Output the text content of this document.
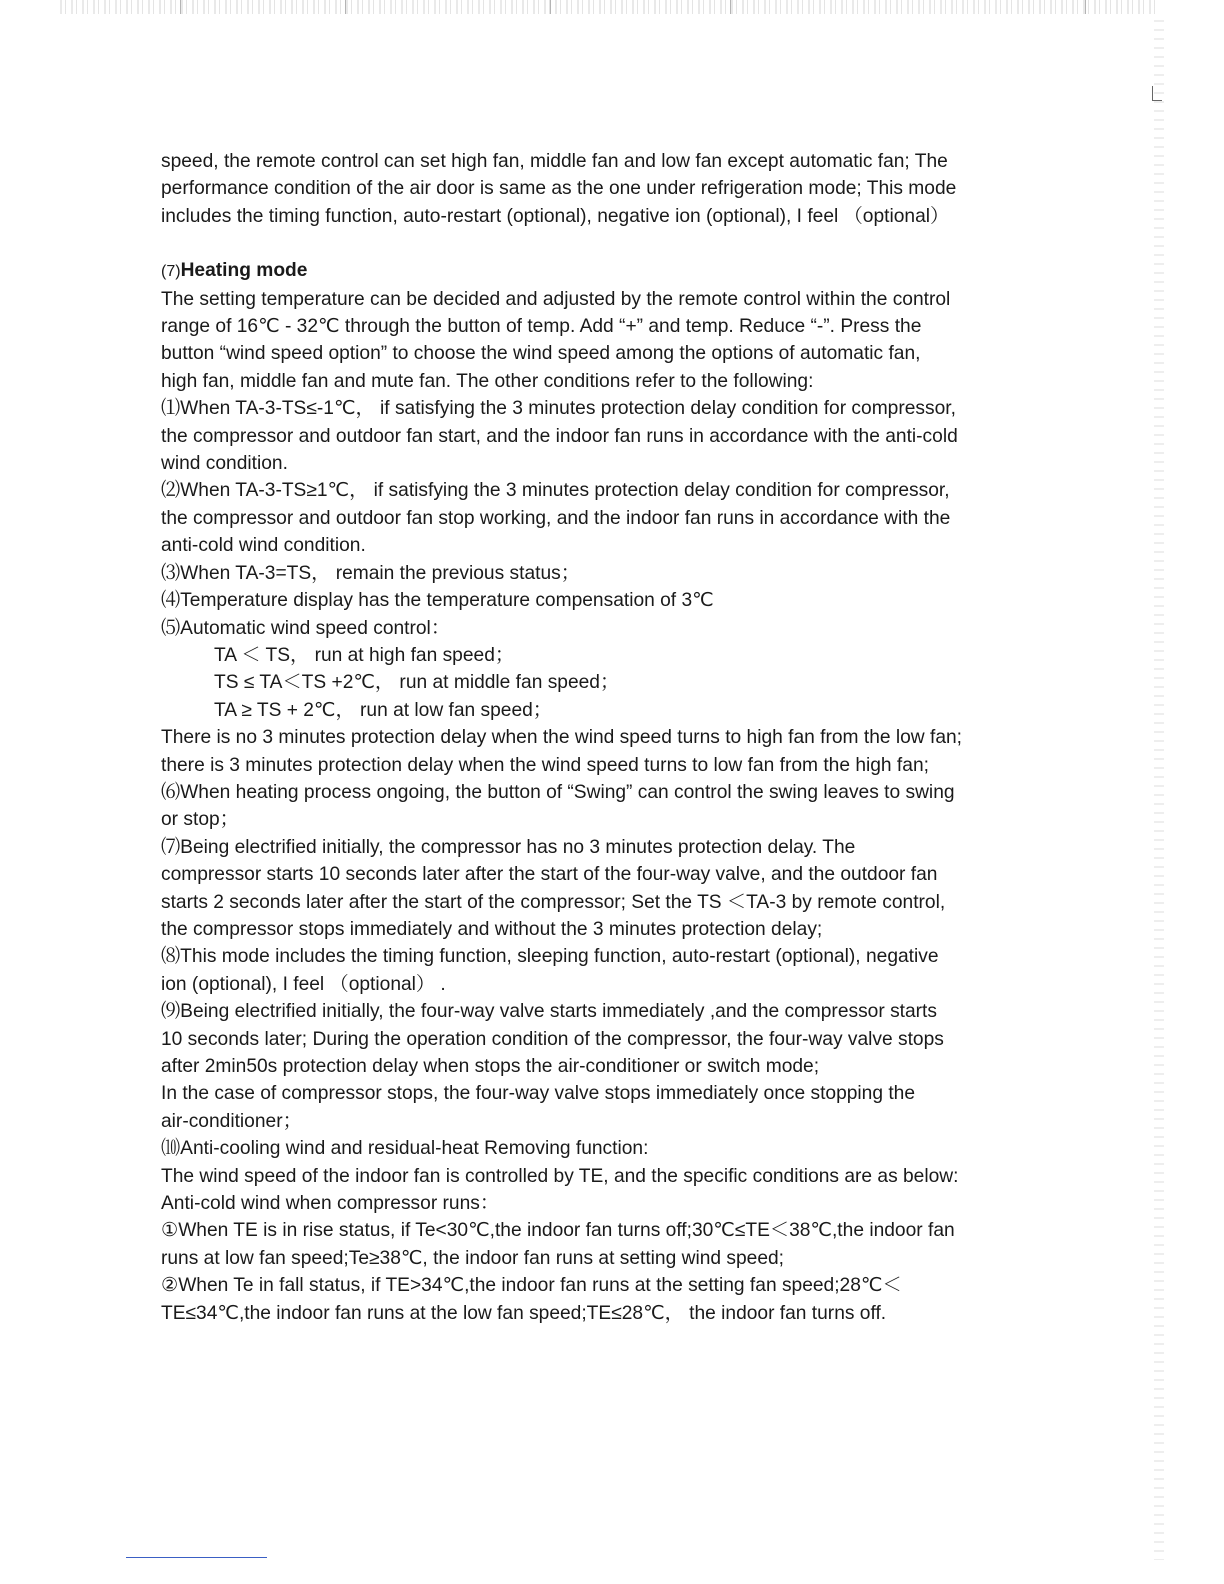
speed, the remote control can set high fan, middle fan and low fan except automatic fan; The
performance condition of the air door is same as the one under refrigeration mode; This mode
includes the timing function, auto-restart (optional), negative ion (optional), I feel （optional）
(7)Heating mode
The setting temperature can be decided and adjusted by the remote control within the control
range of 16℃ - 32℃ through the button of temp. Add “+” and temp. Reduce “-”. Press the
button “wind speed option” to choose the wind speed among the options of automatic fan,
high fan, middle fan and mute fan. The other conditions refer to the following:
⑴When TA-3-TS≤-1℃， if satisfying the 3 minutes protection delay condition for compressor,
the compressor and outdoor fan start, and the indoor fan runs in accordance with the anti-cold
wind condition.
⑵When TA-3-TS≥1℃， if satisfying the 3 minutes protection delay condition for compressor,
the compressor and outdoor fan stop working, and the indoor fan runs in accordance with the
anti-cold wind condition.
⑶When TA-3=TS， remain the previous status；
⑷Temperature display has the temperature compensation of 3℃
⑸Automatic wind speed control：
TA ＜ TS， run at high fan speed；
TS ≤ TA＜TS +2℃， run at middle fan speed；
TA ≥ TS + 2℃， run at low fan speed；
There is no 3 minutes protection delay when the wind speed turns to high fan from the low fan;
there is 3 minutes protection delay when the wind speed turns to low fan from the high fan;
⑹When heating process ongoing, the button of “Swing” can control the swing leaves to swing
or stop；
⑺Being electrified initially, the compressor has no 3 minutes protection delay. The
compressor starts 10 seconds later after the start of the four-way valve, and the outdoor fan
starts 2 seconds later after the start of the compressor; Set the TS ＜TA-3 by remote control,
the compressor stops immediately and without the 3 minutes protection delay;
⑻This mode includes the timing function, sleeping function, auto-restart (optional), negative
ion (optional), I feel （optional） .
⑼Being electrified initially, the four-way valve starts immediately ,and the compressor starts
10 seconds later; During the operation condition of the compressor, the four-way valve stops
after 2min50s protection delay when stops the air-conditioner or switch mode;
In the case of compressor stops, the four-way valve stops immediately once stopping the
air-conditioner；
⑽Anti-cooling wind and residual-heat Removing function:
The wind speed of the indoor fan is controlled by TE, and the specific conditions are as below:
Anti-cold wind when compressor runs：
①When TE is in rise status, if Te<30℃,the indoor fan turns off;30℃≤TE＜38℃,the indoor fan
runs at low fan speed;Te≥38℃, the indoor fan runs at setting wind speed;
②When Te in fall status, if TE>34℃,the indoor fan runs at the setting fan speed;28℃＜
TE≤34℃,the indoor fan runs at the low fan speed;TE≤28℃， the indoor fan turns off.
